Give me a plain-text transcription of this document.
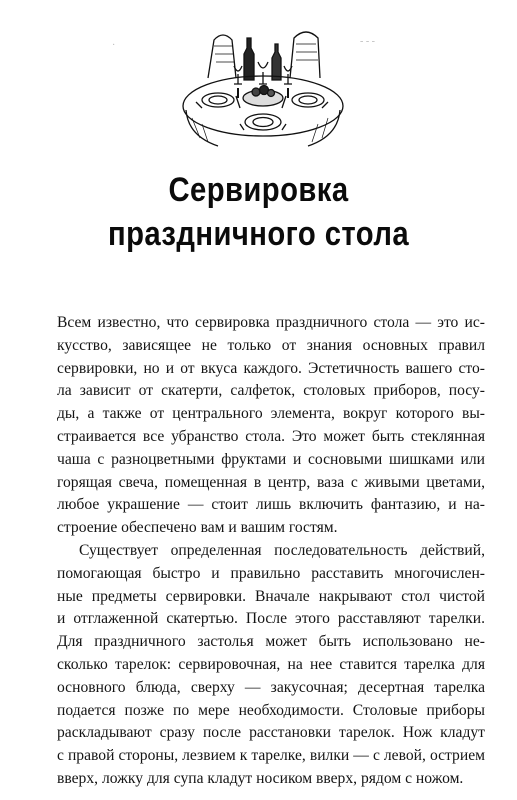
·	- - -
Сервировка
праздничного стола
Всем известно, что сервировка праздничного стола — это ис-
кусство, зависящее не только от знания основных правил
сервировки, но и от вкуса каждого. Эстетичность вашего сто-
ла зависит от скатерти, салфеток, столовых приборов, посу-
ды, а также от центрального элемента, вокруг которого вы-
страивается все убранство стола. Это может быть стеклянная
чаша с разноцветными фруктами и сосновыми шишками или
горящая свеча, помещенная в центр, ваза с живыми цветами,
любое украшение — стоит лишь включить фантазию, и на-
строение обеспечено вам и вашим гостям.
Существует определенная последовательность действий,
помогающая быстро и правильно расставить многочислен-
ные предметы сервировки. Вначале накрывают стол чистой
и отглаженной скатертью. После этого расставляют тарелки.
Для праздничного застолья может быть использовано не-
сколько тарелок: сервировочная, на нее ставится тарелка для
основного блюда, сверху — закусочная; десертная тарелка
подается позже по мере необходимости. Столовые приборы
раскладывают сразу после расстановки тарелок. Нож кладут
с правой стороны, лезвием к тарелке, вилки — с левой, острием
вверх, ложку для супа кладут носиком вверх, рядом с ножом.
